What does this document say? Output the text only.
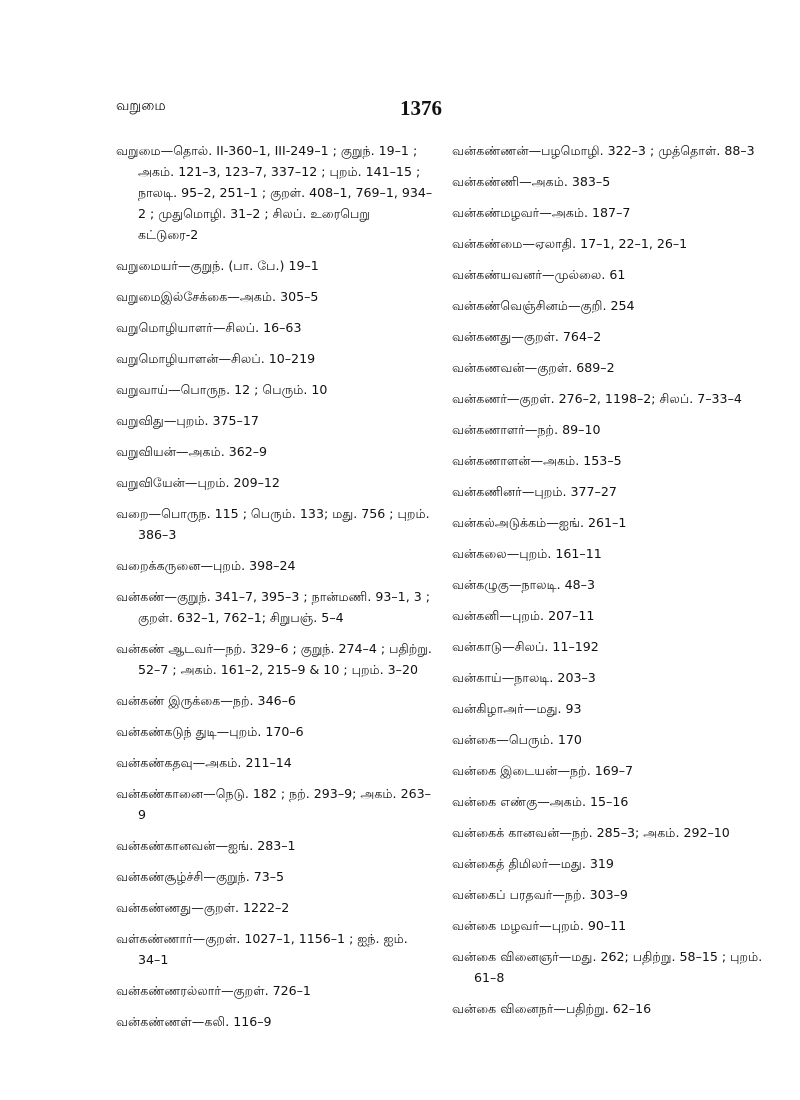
வறுமை	1376
வறுமை—தொல். II-360–1, III-249–1 ; குறுந். 19–1 ; அகம். 121–3, 123–7, 337–12 ; புறம். 141–15 ; நாலடி. 95–2, 251–1 ; குறள். 408–1, 769–1, 934–2 ; முதுமொழி. 31–2 ; சிலப். உரைபெறு கட்டுரை-2
வறுமையர்—குறுந். (பா. பே.) 19–1
வறுமைஇல்சேக்கை—அகம். 305–5
வறுமொழியாளர்—சிலப். 16–63
வறுமொழியாளன்—சிலப். 10–219
வறுவாய்—பொருந. 12 ; பெரும். 10
வறுவிது—புறம். 375–17
வறுவியன்—அகம். 362–9
வறுவியேன்—புறம். 209–12
வறை—பொருந. 115 ; பெரும். 133; மது. 756 ; புறம். 386–3
வறைக்கருனை—புறம். 398–24
வன்கண்—குறுந். 341–7, 395–3 ; நான்மணி. 93–1, 3 ; குறள். 632–1, 762–1; சிறுபஞ். 5–4
வன்கண் ஆடவர்—நற். 329–6 ; குறுந். 274–4 ; பதிற்று. 52–7 ; அகம். 161–2, 215–9 & 10 ; புறம். 3–20
வன்கண் இருக்கை—நற். 346–6
வன்கண்கடுந் துடி—புறம். 170–6
வன்கண்கதவு—அகம். 211–14
வன்கண்கானை—நெடு. 182 ; நற். 293–9; அகம். 263–9
வன்கண்கானவன்—ஐங். 283–1
வன்கண்சூழ்ச்சி—குறுந். 73–5
வன்கண்ணது—குறள். 1222–2
வள்கண்ணார்—குறள். 1027–1, 1156–1 ; ஐந். ஐம். 34–1
வன்கண்ணரல்லார்—குறள். 726–1
வன்கண்ணள்—கலி. 116–9
வன்கண்ணன்—பழமொழி. 322–3 ; முத்தொள். 88–3
வன்கண்ணி—அகம். 383–5
வன்கண்மழவர்—அகம். 187–7
வன்கண்மை—ஏலாதி. 17–1, 22–1, 26–1
வன்கண்யவனர்—முல்லை. 61
வன்கண்வெஞ்சினம்—குறி. 254
வன்கணது—குறள். 764–2
வன்கணவன்—குறள். 689–2
வன்கணர்—குறள். 276–2, 1198–2; சிலப். 7–33–4
வன்கணாளர்—நற். 89–10
வன்கணாளன்—அகம். 153–5
வன்கணினர்—புறம். 377–27
வன்கல்அடுக்கம்—ஐங். 261–1
வன்கலை—புறம். 161–11
வன்கழுகு—நாலடி. 48–3
வன்கனி—புறம். 207–11
வன்காடு—சிலப். 11–192
வன்காய்—நாலடி. 203–3
வன்கிழாஅர்—மது. 93
வன்கை—பெரும். 170
வன்கை இடையன்—நற். 169–7
வன்கை எண்கு—அகம். 15–16
வன்கைக் கானவன்—நற். 285–3; அகம். 292–10
வன்கைத் திமிலர்—மது. 319
வன்கைப் பரதவர்—நற். 303–9
வன்கை மழவர்—புறம். 90–11
வன்கை வினைஞர்—மது. 262; பதிற்று. 58–15 ; புறம். 61–8
வன்கை வினைநர்—பதிற்று. 62–16
